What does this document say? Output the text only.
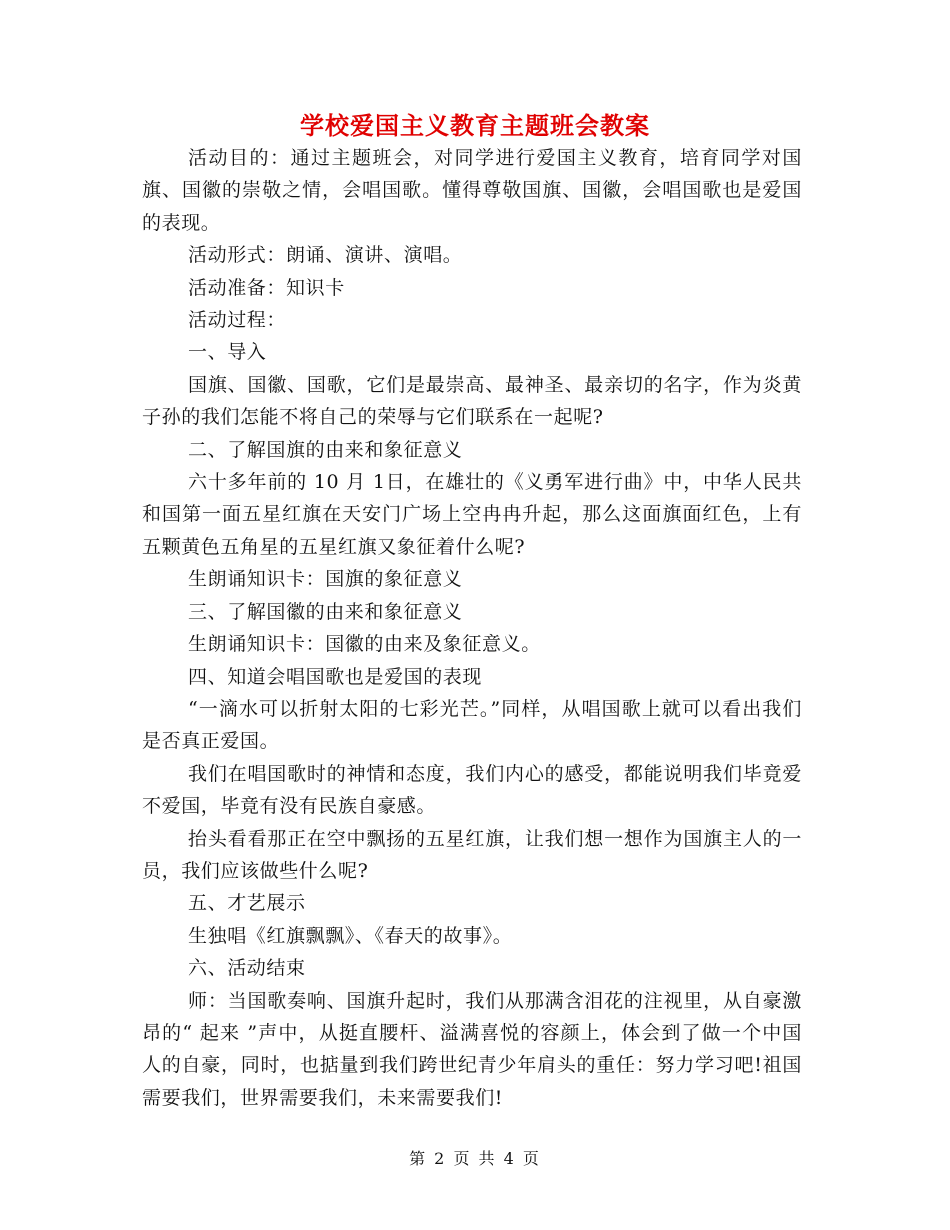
学校爱国主义教育主题班会教案

活动目的：通过主题班会，对同学进行爱国主义教育，培育同学对国旗、国徽的崇敬之情，会唱国歌。懂得尊敬国旗、国徽，会唱国歌也是爱国的表现。

活动形式：朗诵、演讲、演唱。

活动准备：知识卡

活动过程：

一、导入

国旗、国徽、国歌，它们是最崇高、最神圣、最亲切的名字，作为炎黄子孙的我们怎能不将自己的荣辱与它们联系在一起呢?

二、了解国旗的由来和象征意义

六十多年前的 10 月 1日，在雄壮的《义勇军进行曲》中，中华人民共和国第一面五星红旗在天安门广场上空冉冉升起，那么这面旗面红色，上有五颗黄色五角星的五星红旗又象征着什么呢?

生朗诵知识卡：国旗的象征意义

三、了解国徽的由来和象征意义

生朗诵知识卡：国徽的由来及象征意义。

四、知道会唱国歌也是爱国的表现

“一滴水可以折射太阳的七彩光芒。”同样，从唱国歌上就可以看出我们是否真正爱国。

我们在唱国歌时的神情和态度，我们内心的感受，都能说明我们毕竟爱不爱国，毕竟有没有民族自豪感。

抬头看看那正在空中飘扬的五星红旗，让我们想一想作为国旗主人的一员，我们应该做些什么呢?

五、才艺展示

生独唱《红旗飘飘》、《春天的故事》。

六、活动结束

师：当国歌奏响、国旗升起时，我们从那满含泪花的注视里，从自豪激昂的“ 起来 ”声中，从挺直腰杆、溢满喜悦的容颜上，体会到了做一个中国人的自豪，同时，也掂量到我们跨世纪青少年肩头的重任：努力学习吧!祖国需要我们，世界需要我们，未来需要我们!

第 2 页 共 4 页
